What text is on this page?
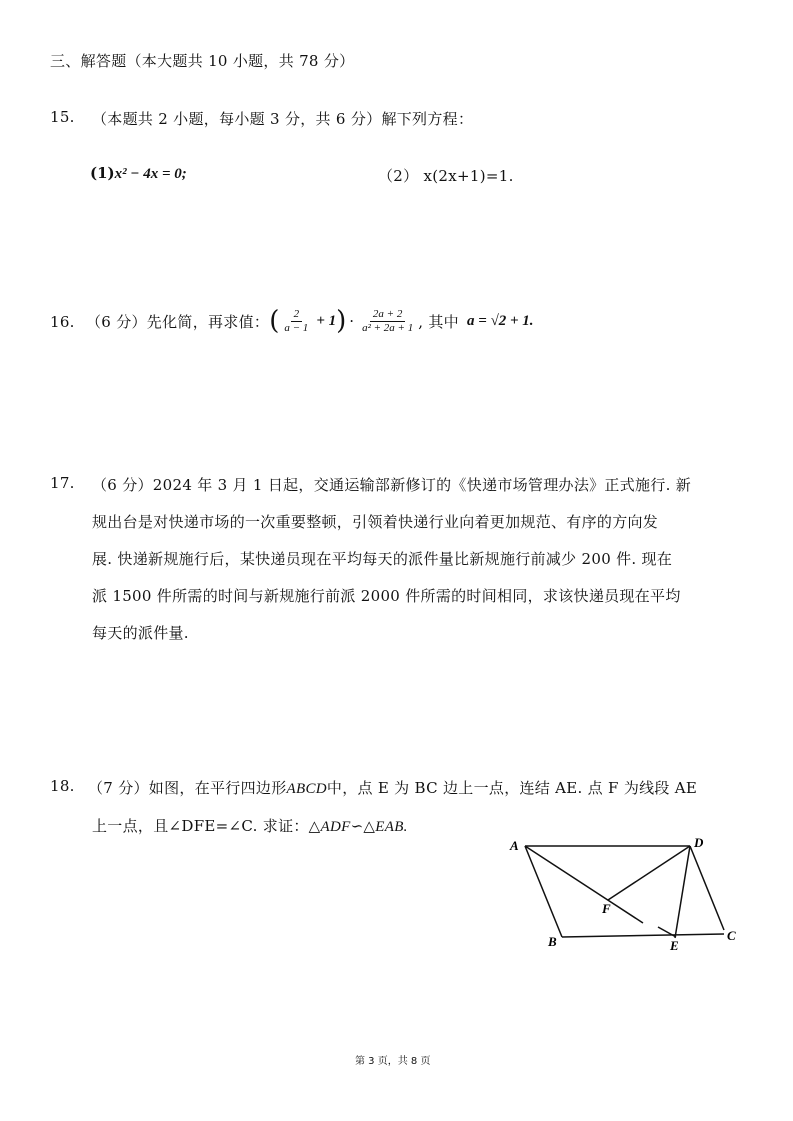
三、解答题（本大题共 10 小题，共 78 分）
15. （本题共 2 小题，每小题 3 分，共 6 分）解下列方程：
(1)x² − 4x = 0;	（2） x(2x+1)=1.
16. （6 分）先化简，再求值： ( $\frac{2}{a - 1} + 1$ ) · $\frac{2a + 2}{\text{a² + 2a + 1}}$ , 其中 a = √2 + 1.
17. （6 分）2024 年 3 月 1 日起，交通运输部新修订的《快递市场管理办法》正式施行. 新
规出台是对快递市场的一次重要整顿，引领着快递行业向着更加规范、有序的方向发
展. 快递新规施行后，某快递员现在平均每天的派件量比新规施行前减少 200 件. 现在
派 1500 件所需的时间与新规施行前派 2000 件所需的时间相同，求该快递员现在平均
每天的派件量.
18. （7 分）如图，在平行四边形ABCD中，点 E 为 BC 边上一点，连结 AE. 点 F 为线段 AE
上一点，且∠DFE=∠C. 求证：△ADF∽△EAB.
A	D
F
B	E
C
第 3 页，共 8 页
